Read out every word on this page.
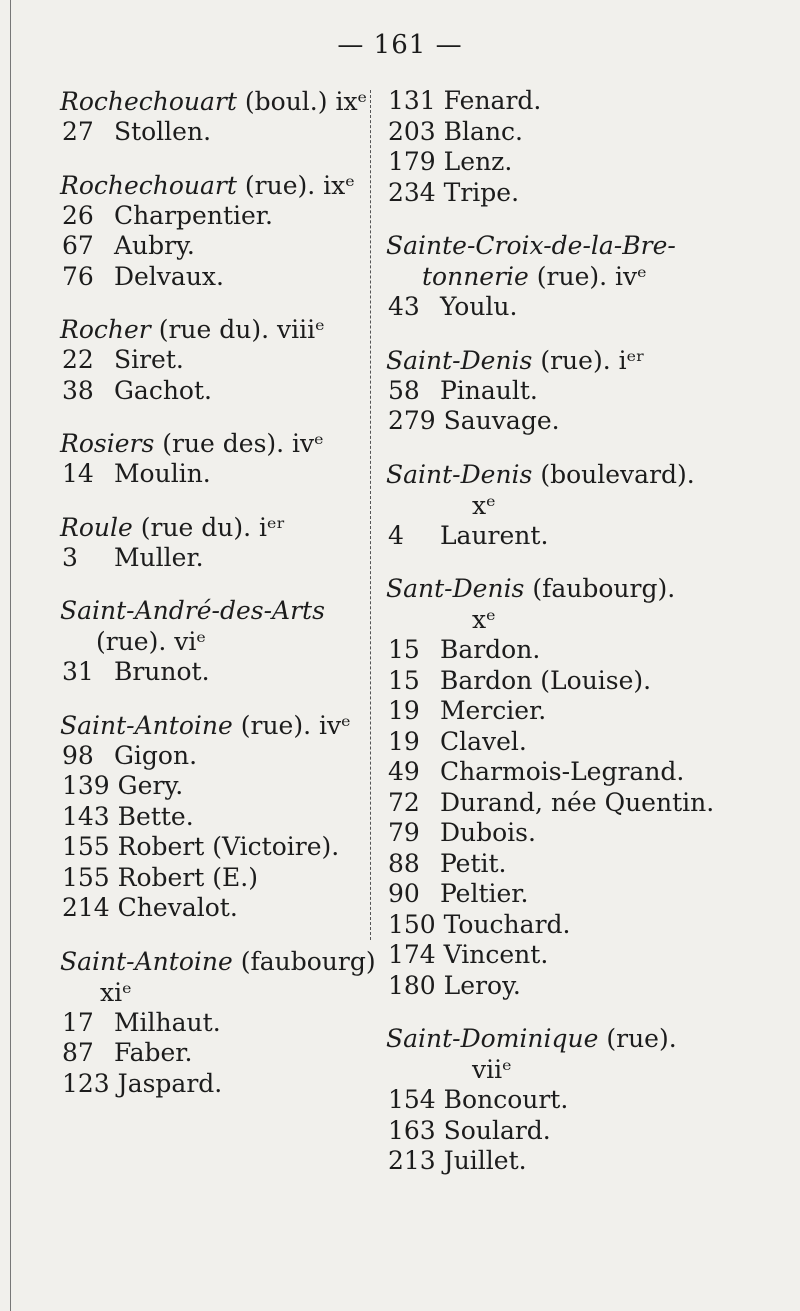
— 161 —
Rochechouart (boul.) ixᵉ
27 Stollen.
Rochechouart (rue). ixᵉ
26 Charpentier.
67 Aubry.
76 Delvaux.
Rocher (rue du). viiiᵉ
22 Siret.
38 Gachot.
Rosiers (rue des). ivᵉ
14 Moulin.
Roule (rue du). iᵉʳ
3 Muller.
Saint-André-des-Arts
(rue). viᵉ
31 Brunot.
Saint-Antoine (rue). ivᵉ
98 Gigon.
139 Gery.
143 Bette.
155 Robert (Victoire).
155 Robert (E.)
214 Chevalot.
Saint-Antoine (faubourg)
xiᵉ
17 Milhaut.
87 Faber.
123 Jaspard.
131 Fenard.
203 Blanc.
179 Lenz.
234 Tripe.
Sainte-Croix-de-la-Bre-
tonnerie (rue). ivᵉ
43 Youlu.
Saint-Denis (rue). iᵉʳ
58 Pinault.
279 Sauvage.
Saint-Denis (boulevard).
xᵉ
4 Laurent.
Sant-Denis (faubourg).
xᵉ
15 Bardon.
15 Bardon (Louise).
19 Mercier.
19 Clavel.
49 Charmois-Legrand.
72 Durand, née Quentin.
79 Dubois.
88 Petit.
90 Peltier.
150 Touchard.
174 Vincent.
180 Leroy.
Saint-Dominique (rue).
viiᵉ
154 Boncourt.
163 Soulard.
213 Juillet.
